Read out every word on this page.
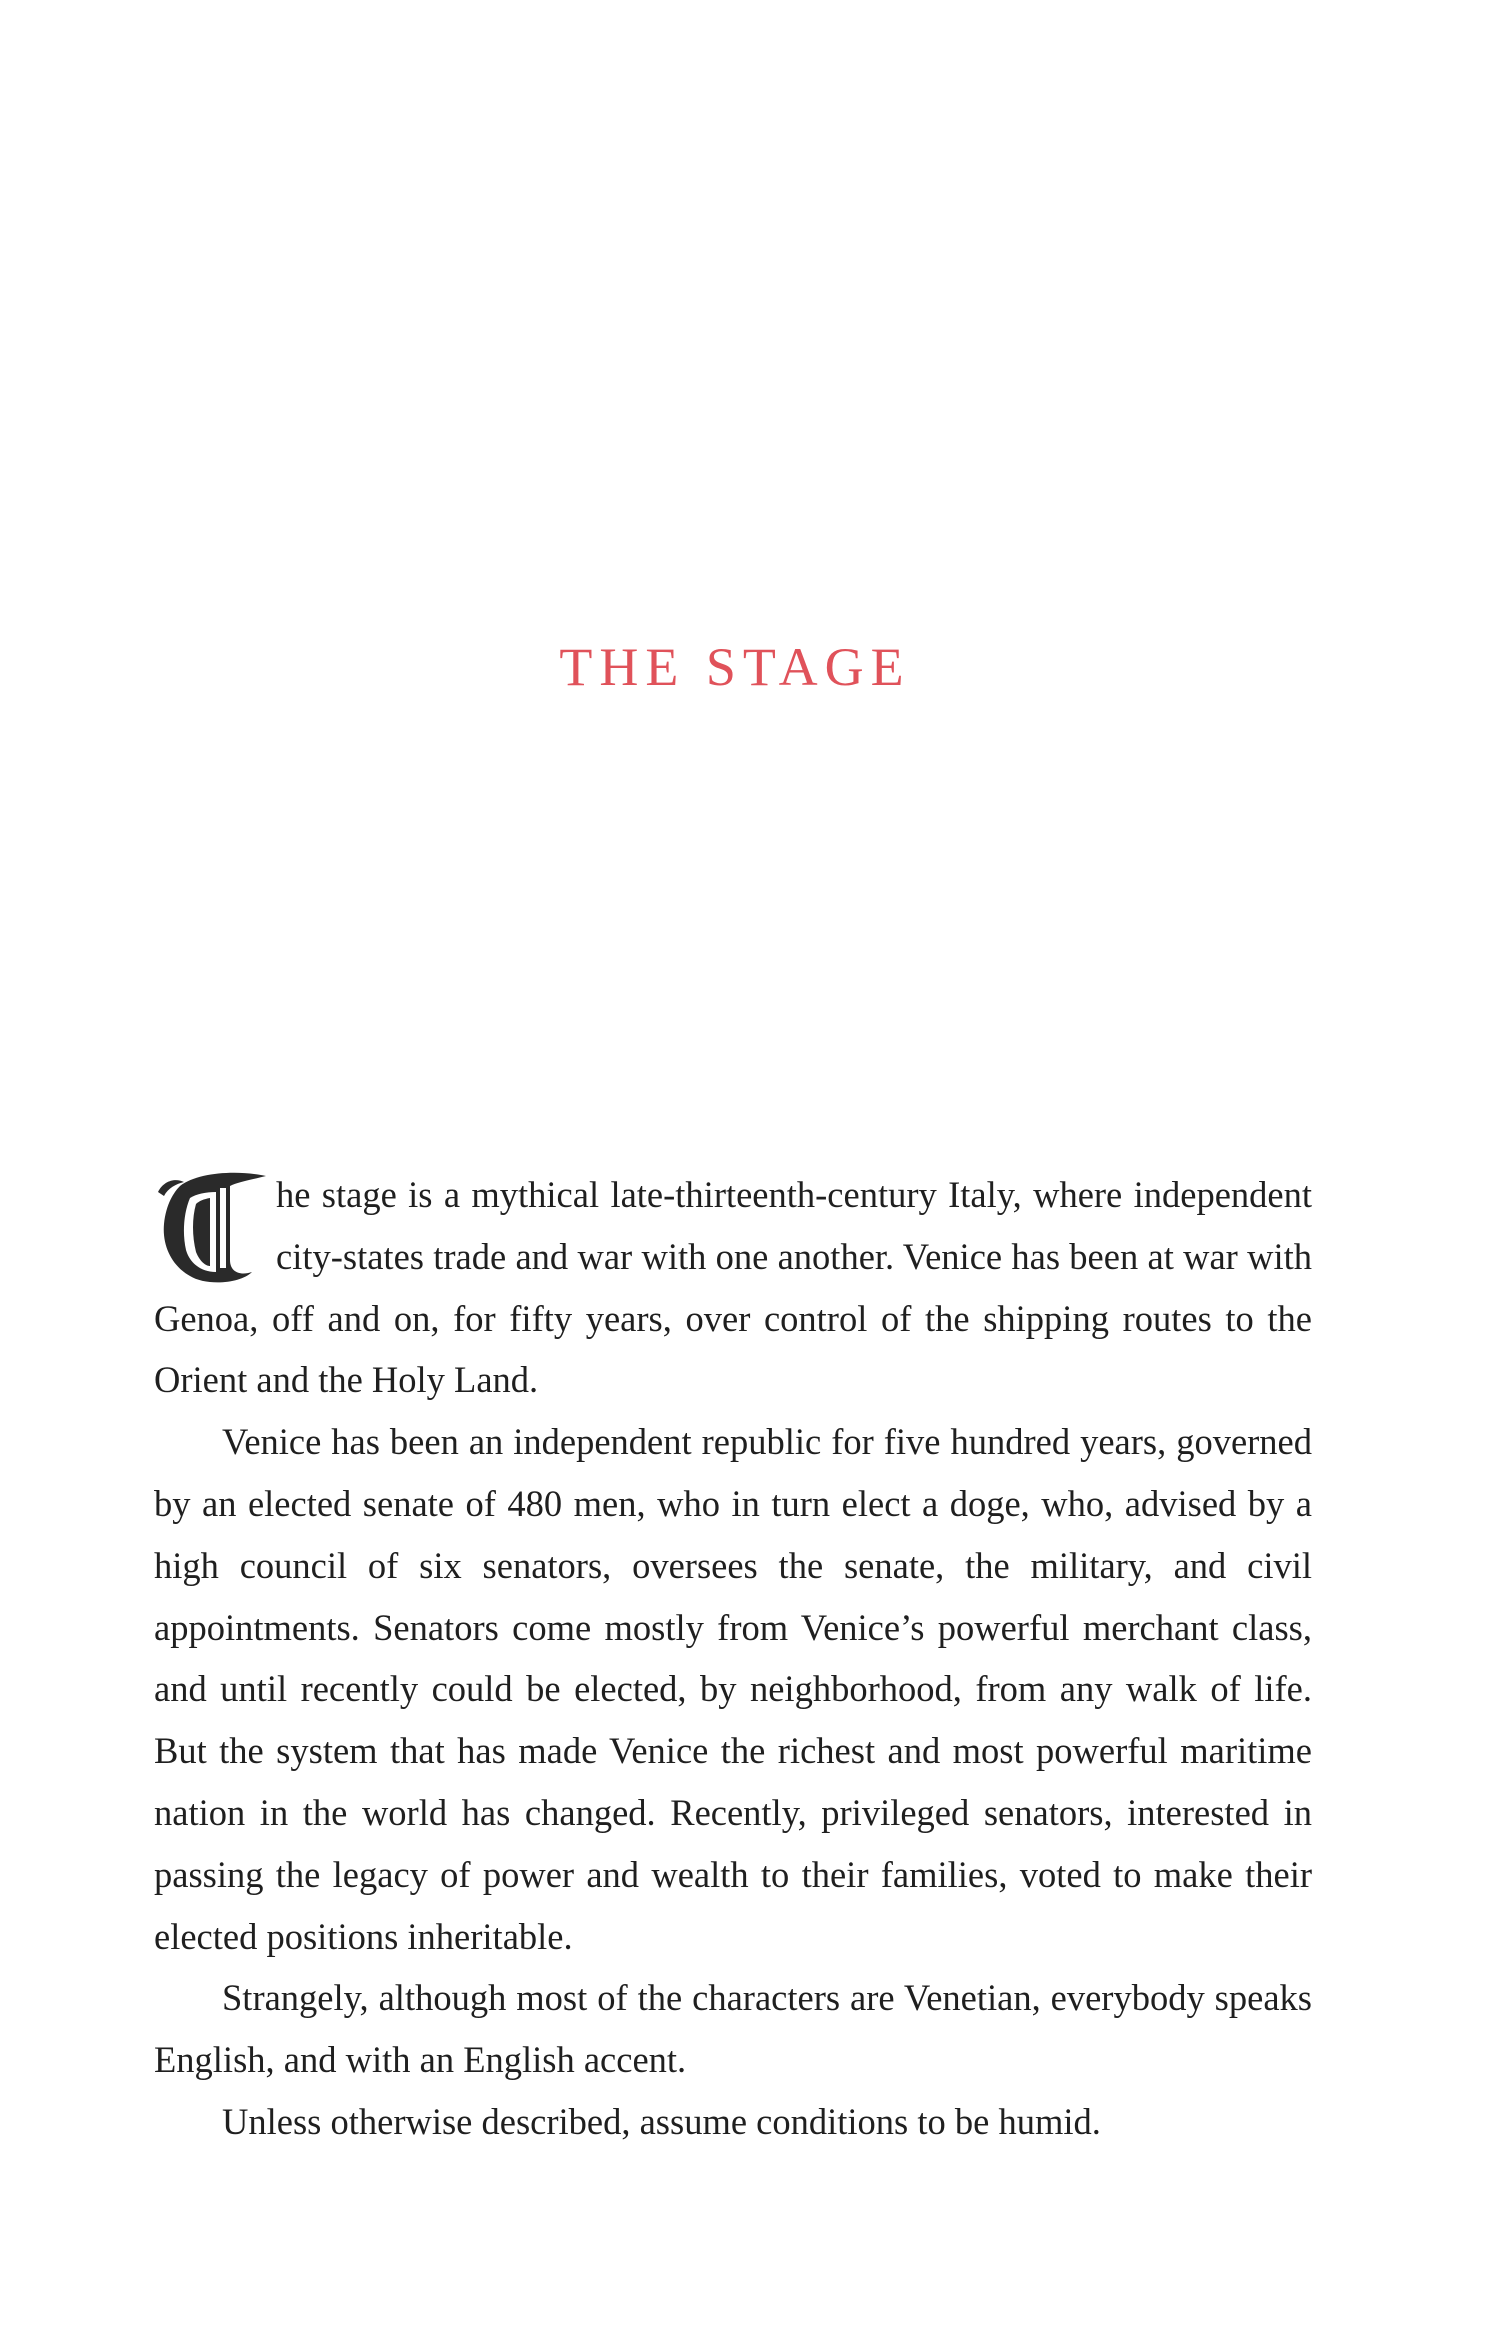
THE STAGE

he stage is a mythical late-thirteenth-century Italy, where independent city-states trade and war with one another. Venice has been at war with Genoa, off and on, for fifty years, over control of the shipping routes to the Orient and the Holy Land.

Venice has been an independent republic for five hundred years, governed by an elected senate of 480 men, who in turn elect a doge, who, advised by a high council of six senators, oversees the senate, the military, and civil appointments. Senators come mostly from Venice’s powerful merchant class, and until recently could be elected, by neighborhood, from any walk of life. But the system that has made Venice the richest and most powerful maritime nation in the world has changed. Recently, privileged senators, interested in passing the legacy of power and wealth to their families, voted to make their elected positions inheritable.

Strangely, although most of the characters are Venetian, everybody speaks English, and with an English accent.

Unless otherwise described, assume conditions to be humid.
